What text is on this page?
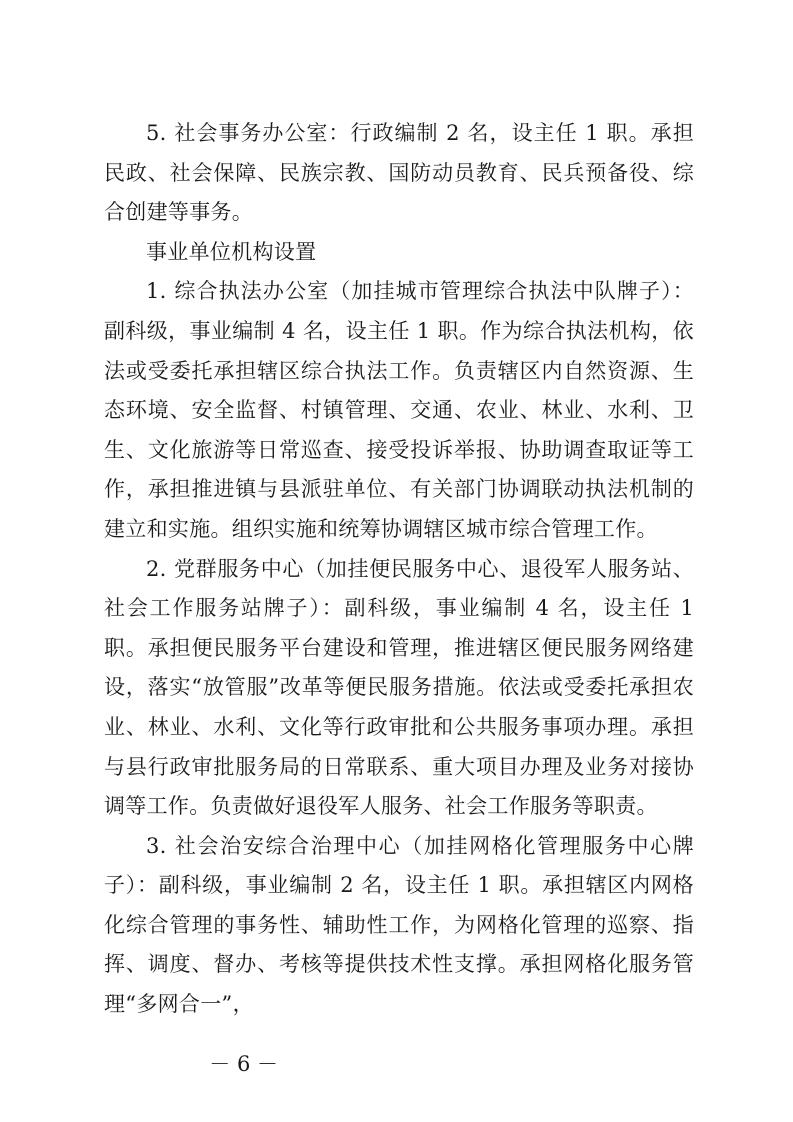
5. 社会事务办公室：行政编制 2 名，设主任 1 职。承担民政、社会保障、民族宗教、国防动员教育、民兵预备役、综合创建等事务。

事业单位机构设置

1. 综合执法办公室（加挂城市管理综合执法中队牌子）：副科级，事业编制 4 名，设主任 1 职。作为综合执法机构，依法或受委托承担辖区综合执法工作。负责辖区内自然资源、生态环境、安全监督、村镇管理、交通、农业、林业、水利、卫生、文化旅游等日常巡查、接受投诉举报、协助调查取证等工作，承担推进镇与县派驻单位、有关部门协调联动执法机制的建立和实施。组织实施和统筹协调辖区城市综合管理工作。

2. 党群服务中心（加挂便民服务中心、退役军人服务站、社会工作服务站牌子）：副科级，事业编制 4 名，设主任 1 职。承担便民服务平台建设和管理，推进辖区便民服务网络建设，落实“放管服”改革等便民服务措施。依法或受委托承担农业、林业、水利、文化等行政审批和公共服务事项办理。承担与县行政审批服务局的日常联系、重大项目办理及业务对接协调等工作。负责做好退役军人服务、社会工作服务等职责。

3. 社会治安综合治理中心（加挂网格化管理服务中心牌子）：副科级，事业编制 2 名，设主任 1 职。承担辖区内网格化综合管理的事务性、辅助性工作，为网格化管理的巡察、指挥、调度、督办、考核等提供技术性支撑。承担网格化服务管理“多网合一”，

－ 6 －
